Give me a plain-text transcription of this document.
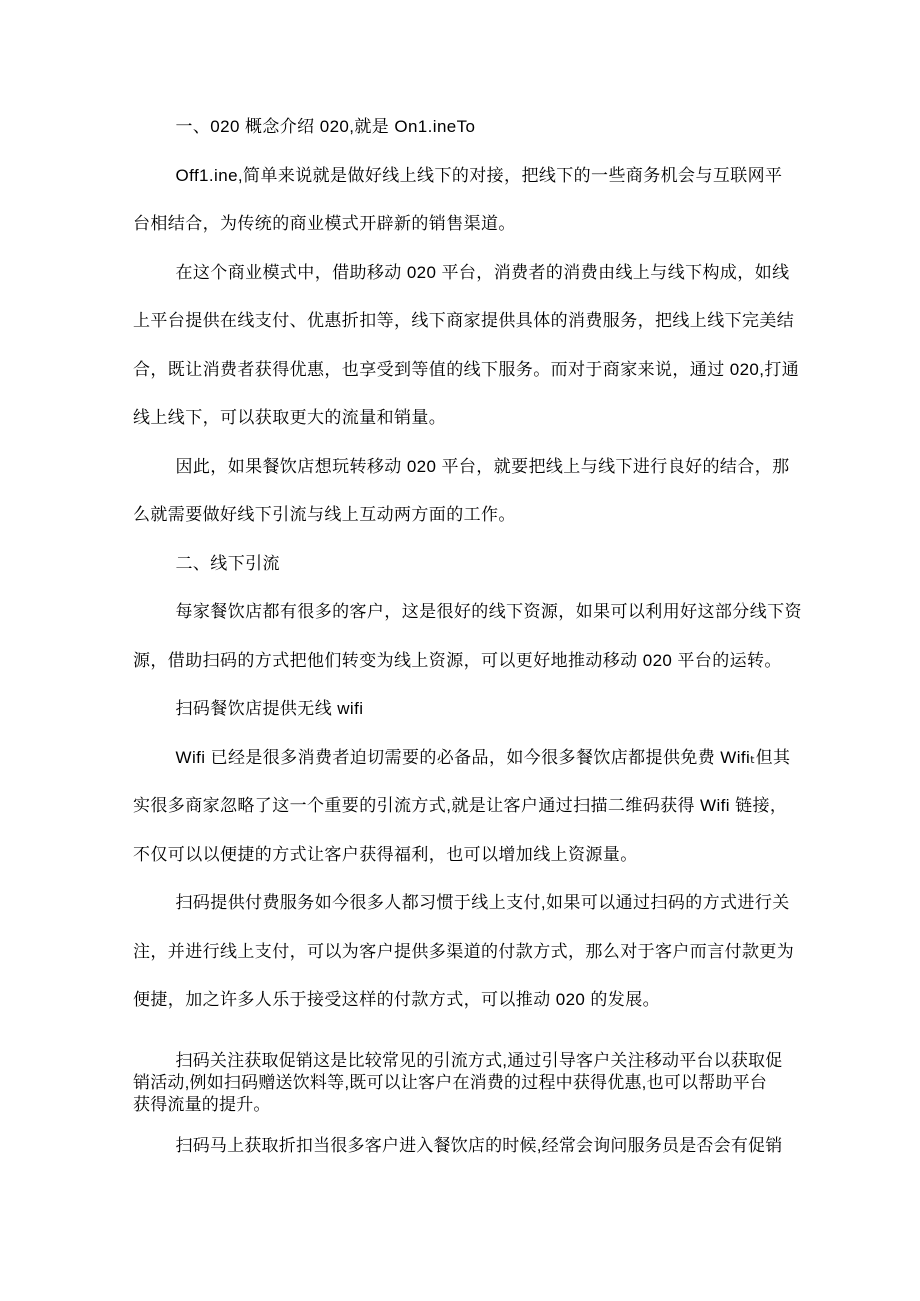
一、020 概念介绍 020,就是 On1.ineTo
Off1.ine,简单来说就是做好线上线下的对接，把线下的一些商务机会与互联网平
台相结合，为传统的商业模式开辟新的销售渠道。
在这个商业模式中，借助移动 020 平台，消费者的消费由线上与线下构成，如线
上平台提供在线支付、优惠折扣等，线下商家提供具体的消费服务，把线上线下完美结
合，既让消费者获得优惠，也享受到等值的线下服务。而对于商家来说，通过 020,打通
线上线下，可以获取更大的流量和销量。
因此，如果餐饮店想玩转移动 020 平台，就要把线上与线下进行良好的结合，那
么就需要做好线下引流与线上互动两方面的工作。
二、线下引流
每家餐饮店都有很多的客户，这是很好的线下资源，如果可以利用好这部分线下资
源，借助扫码的方式把他们转变为线上资源，可以更好地推动移动 020 平台的运转。
扫码餐饮店提供无线 wifi
Wifi 已经是很多消费者迫切需要的必备品，如今很多餐饮店都提供免费 Wifiₜ但其
实很多商家忽略了这一个重要的引流方式,就是让客户通过扫描二维码获得 Wifi 链接，
不仅可以以便捷的方式让客户获得福利，也可以增加线上资源量。
扫码提供付费服务如今很多人都习惯于线上支付,如果可以通过扫码的方式进行关
注，并进行线上支付，可以为客户提供多渠道的付款方式，那么对于客户而言付款更为
便捷，加之许多人乐于接受这样的付款方式，可以推动 020 的发展。
扫码关注获取促销这是比较常见的引流方式,通过引导客户关注移动平台以获取促
销活动,例如扫码赠送饮料等,既可以让客户在消费的过程中获得优惠,也可以帮助平台
获得流量的提升。
扫码马上获取折扣当很多客户进入餐饮店的时候,经常会询问服务员是否会有促销
